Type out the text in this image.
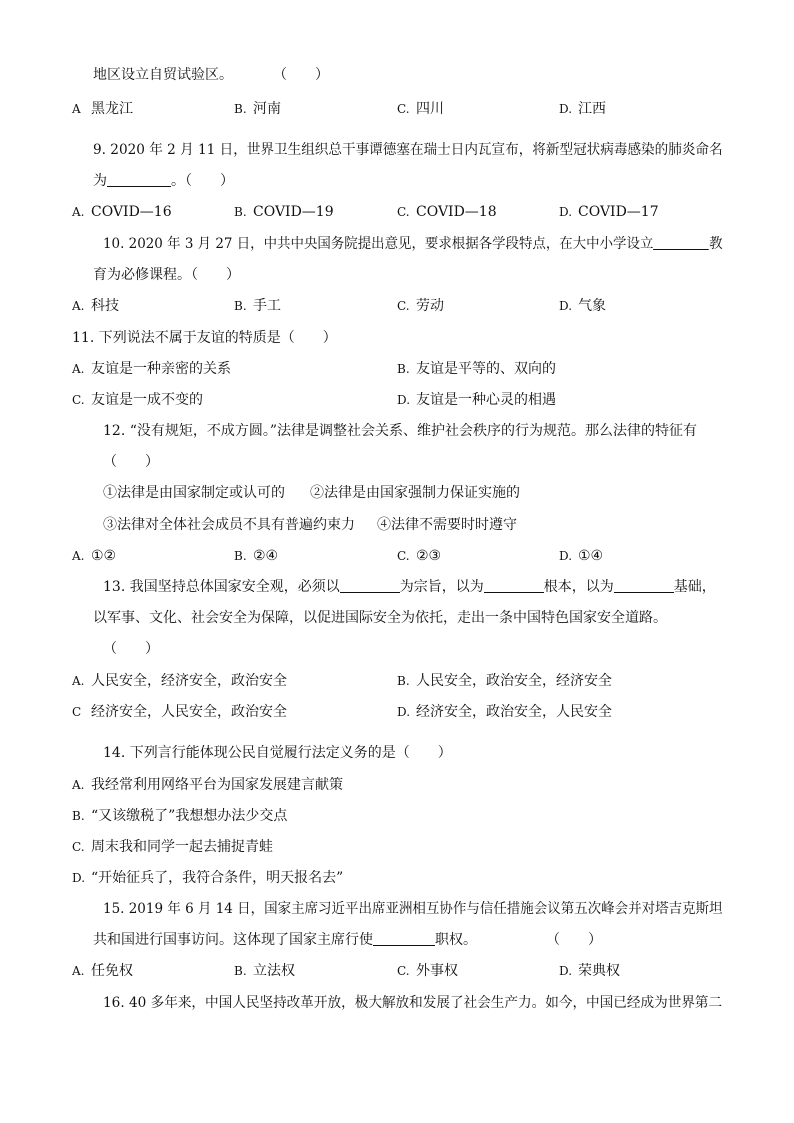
地区设立自贸试验区。	（　　）
A 黑龙江	B. 河南	C. 四川	D. 江西
9. 2020 年 2 月 11 日，世界卫生组织总干事谭德塞在瑞士日内瓦宣布，将新型冠状病毒感染的肺炎命名
为	。（　　）
A. COVID—16	B. COVID—19	C. COVID—18	D. COVID—17
10. 2020 年 3 月 27 日，中共中央国务院提出意见，要求根据各学段特点，在大中小学设立	教
育为必修课程。（　　）
A. 科技	B. 手工	C. 劳动	D. 气象
11. 下列说法不属于友谊的特质是（　　）
A. 友谊是一种亲密的关系	B. 友谊是平等的、双向的
C. 友谊是一成不变的	D. 友谊是一种心灵的相遇
12. “没有规矩，不成方圆。”法律是调整社会关系、维护社会秩序的行为规范。那么法律的特征有
（　　）
①法律是由国家制定或认可的 ②法律是由国家强制力保证实施的
③法律对全体社会成员不具有普遍约束力 ④法律不需要时时遵守
A. ①②	B. ②④	C. ②③	D. ①④
13. 我国坚持总体国家安全观，必须以	为宗旨，以为	根本，以为	基础，
以军事、文化、社会安全为保障，以促进国际安全为依托，走出一条中国特色国家安全道路。
（　　）
A. 人民安全，经济安全，政治安全	B. 人民安全，政治安全，经济安全
C 经济安全，人民安全，政治安全	D. 经济安全，政治安全，人民安全
14. 下列言行能体现公民自觉履行法定义务的是（　　）
A. 我经常利用网络平台为国家发展建言献策
B. “又该缴税了”我想想办法少交点
C. 周末我和同学一起去捕捉青蛙
D. “开始征兵了，我符合条件，明天报名去”
15. 2019 年 6 月 14 日，国家主席习近平出席亚洲相互协作与信任措施会议第五次峰会并对塔吉克斯坦
共和国进行国事访问。这体现了国家主席行使	职权。	（　　）
A. 任免权	B. 立法权	C. 外事权	D. 荣典权
16. 40 多年来，中国人民坚持改革开放，极大解放和发展了社会生产力。如今，中国已经成为世界第二
